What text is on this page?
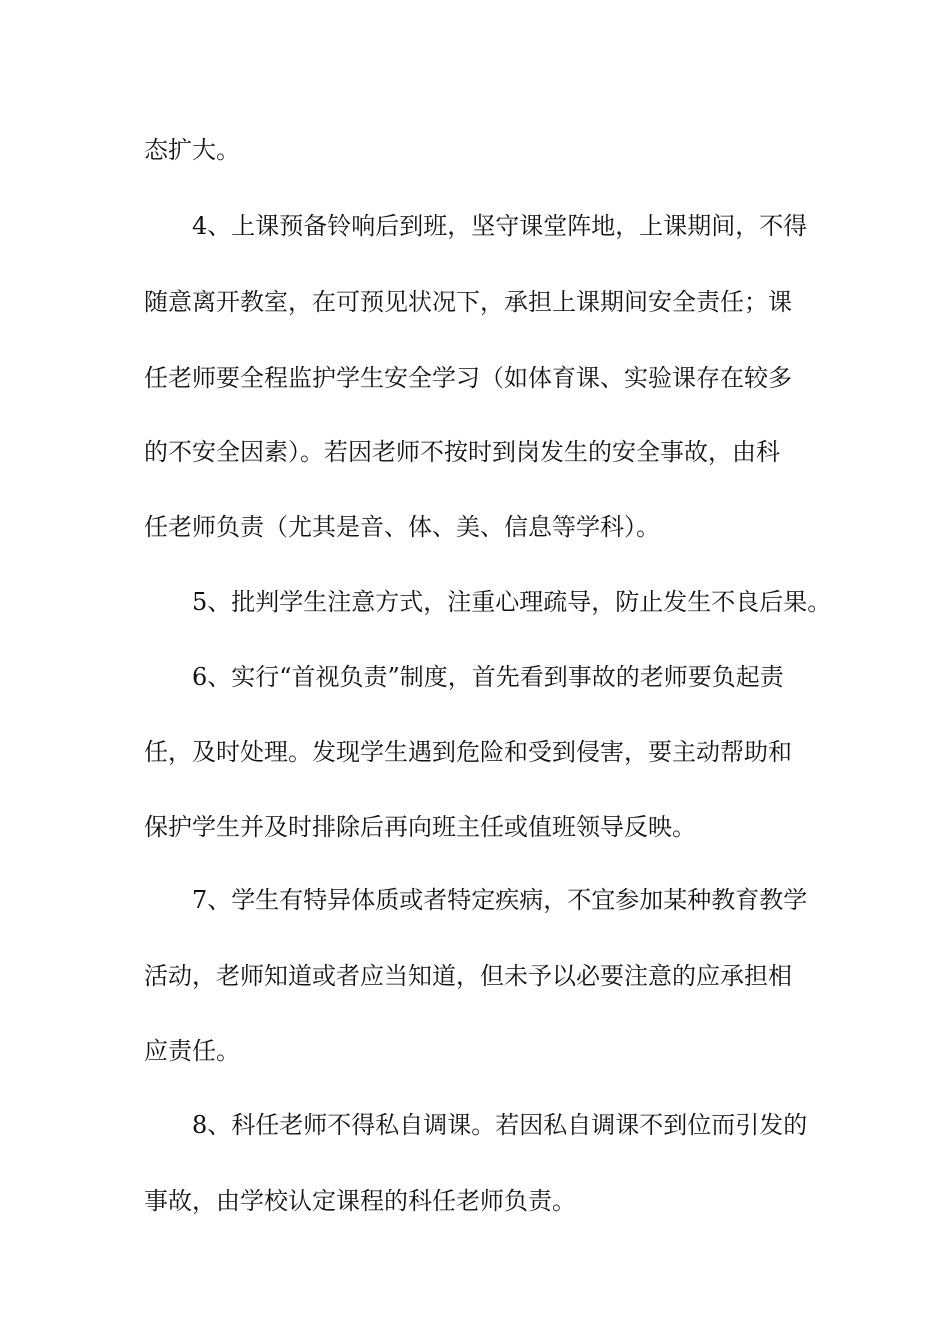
态扩大。
4、上课预备铃响后到班，坚守课堂阵地，上课期间，不得
随意离开教室，在可预见状况下，承担上课期间安全责任；课
任老师要全程监护学生安全学习（如体育课、实验课存在较多
的不安全因素）。若因老师不按时到岗发生的安全事故，由科
任老师负责（尤其是音、体、美、信息等学科）。
5、批判学生注意方式，注重心理疏导，防止发生不良后果。
6、实行“首视负责”制度，首先看到事故的老师要负起责
任，及时处理。发现学生遇到危险和受到侵害，要主动帮助和
保护学生并及时排除后再向班主任或值班领导反映。
7、学生有特异体质或者特定疾病，不宜参加某种教育教学
活动，老师知道或者应当知道，但未予以必要注意的应承担相
应责任。
8、科任老师不得私自调课。若因私自调课不到位而引发的
事故，由学校认定课程的科任老师负责。
